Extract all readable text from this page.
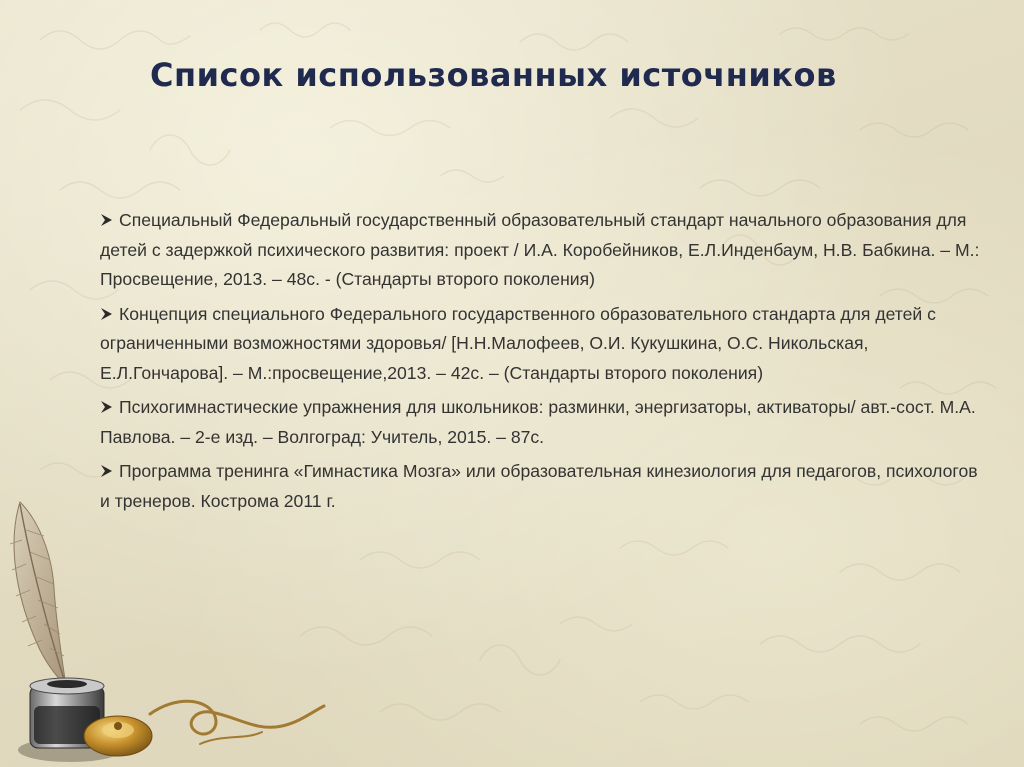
Список использованных источников
Специальный Федеральный государственный образовательный стандарт начального образования для детей с задержкой психического развития: проект / И.А. Коробейников, Е.Л.Инденбаум, Н.В. Бабкина. – М.: Просвещение, 2013. – 48с. - (Стандарты второго поколения)
Концепция специального Федерального государственного образовательного стандарта для детей с ограниченными возможностями здоровья/ [Н.Н.Малофеев, О.И. Кукушкина, О.С. Никольская, Е.Л.Гончарова]. – М.:просвещение,2013. – 42с. – (Стандарты второго поколения)
Психогимнастические упражнения для школьников: разминки, энергизаторы, активаторы/ авт.-сост. М.А. Павлова. – 2-е изд. – Волгоград: Учитель, 2015. – 87с.
Программа тренинга «Гимнастика Мозга» или образовательная кинезиология для педагогов, психологов и тренеров. Кострома 2011 г.
